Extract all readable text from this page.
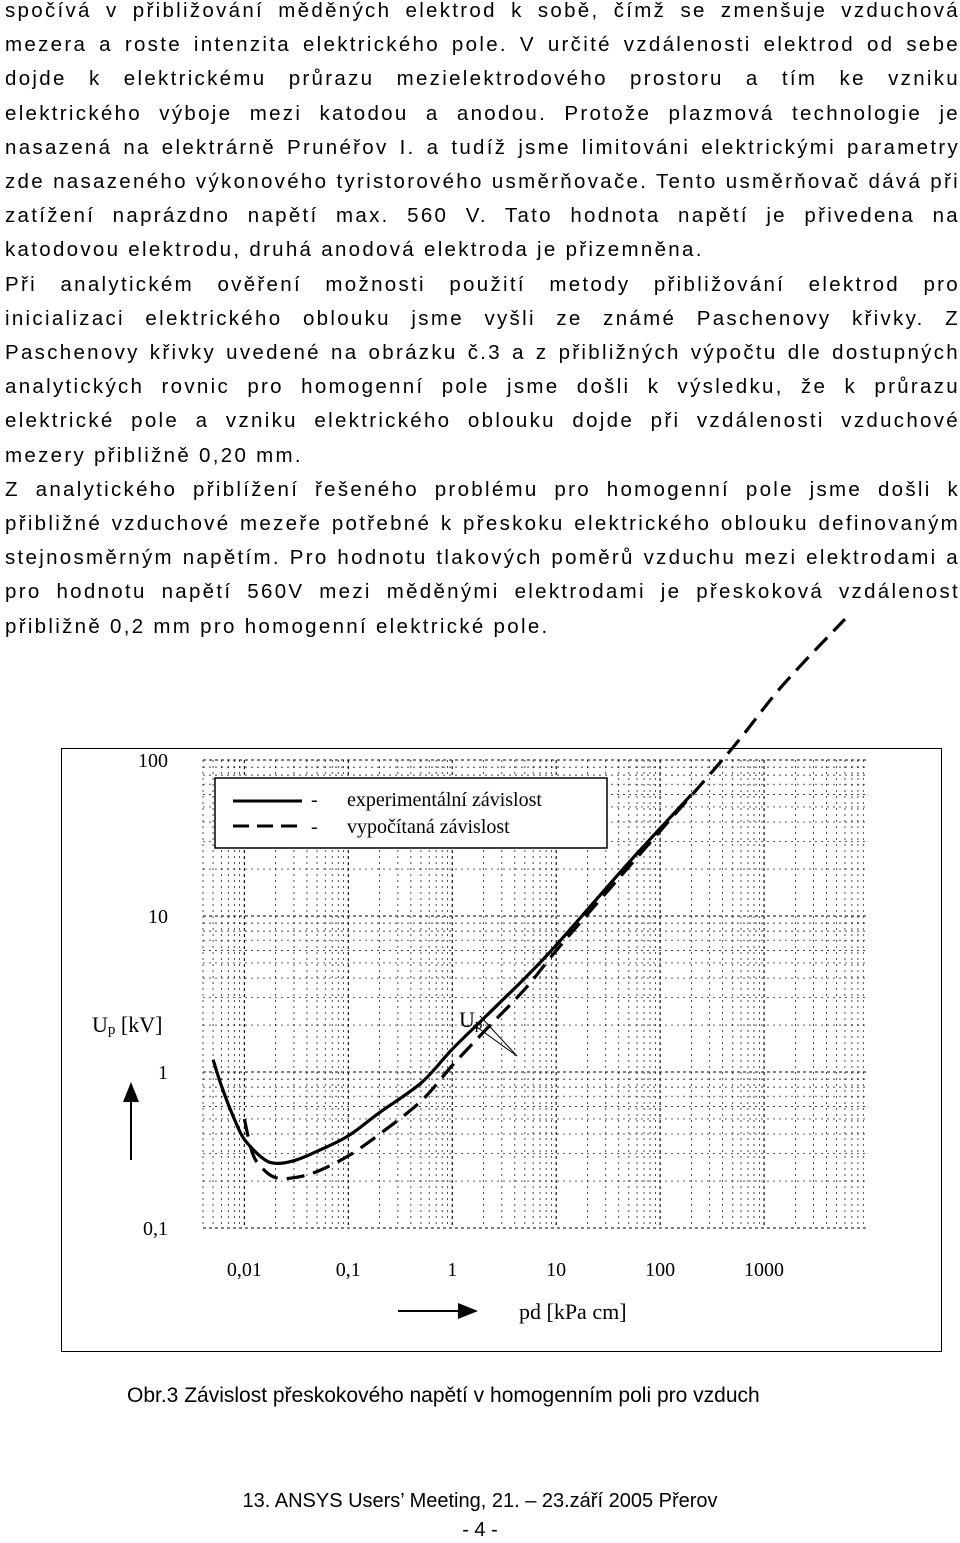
spočívá v přibližování měděných elektrod k sobě, čímž se zmenšuje vzduchová mezera a roste intenzita elektrického pole. V určité vzdálenosti elektrod od sebe dojde k elektrickému průrazu mezielektrodového prostoru a tím ke vzniku elektrického výboje mezi katodou a anodou. Protože plazmová technologie je nasazená na elektrárně Prunéřov I. a tudíž jsme limitováni elektrickými parametry zde nasazeného výkonového tyristorového usměrňovače. Tento usměrňovač dává při zatížení naprázdno napětí max. 560 V. Tato hodnota napětí je přivedena na katodovou elektrodu, druhá anodová elektroda je přizemněna.

Při analytickém ověření možnosti použití metody přibližování elektrod pro inicializaci elektrického oblouku jsme vyšli ze známé Paschenovy křivky. Z Paschenovy křivky uvedené na obrázku č.3 a z přibližných výpočtu dle dostupných analytických rovnic pro homogenní pole jsme došli k výsledku, že k průrazu elektrické pole a vzniku elektrického oblouku dojde při vzdálenosti vzduchové mezery přibližně 0,20 mm.

Z analytického přiblížení řešeného problému pro homogenní pole jsme došli k přibližné vzduchové mezeře potřebné k přeskoku elektrického oblouku definovaným stejnosměrným napětím. Pro hodnotu tlakových poměrů vzduchu mezi elektrodami a pro hodnotu napětí 560V mezi měděnými elektrodami je přeskoková vzdálenost přibližně 0,2 mm pro homogenní elektrické pole.

100
10
1
0,1
0,01	0,1	1	10	100	1000
Up [kV]
pd [kPa cm]
- experimentální závislost
- vypočítaná závislost
Up
Obr.3 Závislost přeskokového napětí v homogenním poli pro vzduch
13. ANSYS Users’ Meeting, 21. – 23.září 2005 Přerov
- 4 -
